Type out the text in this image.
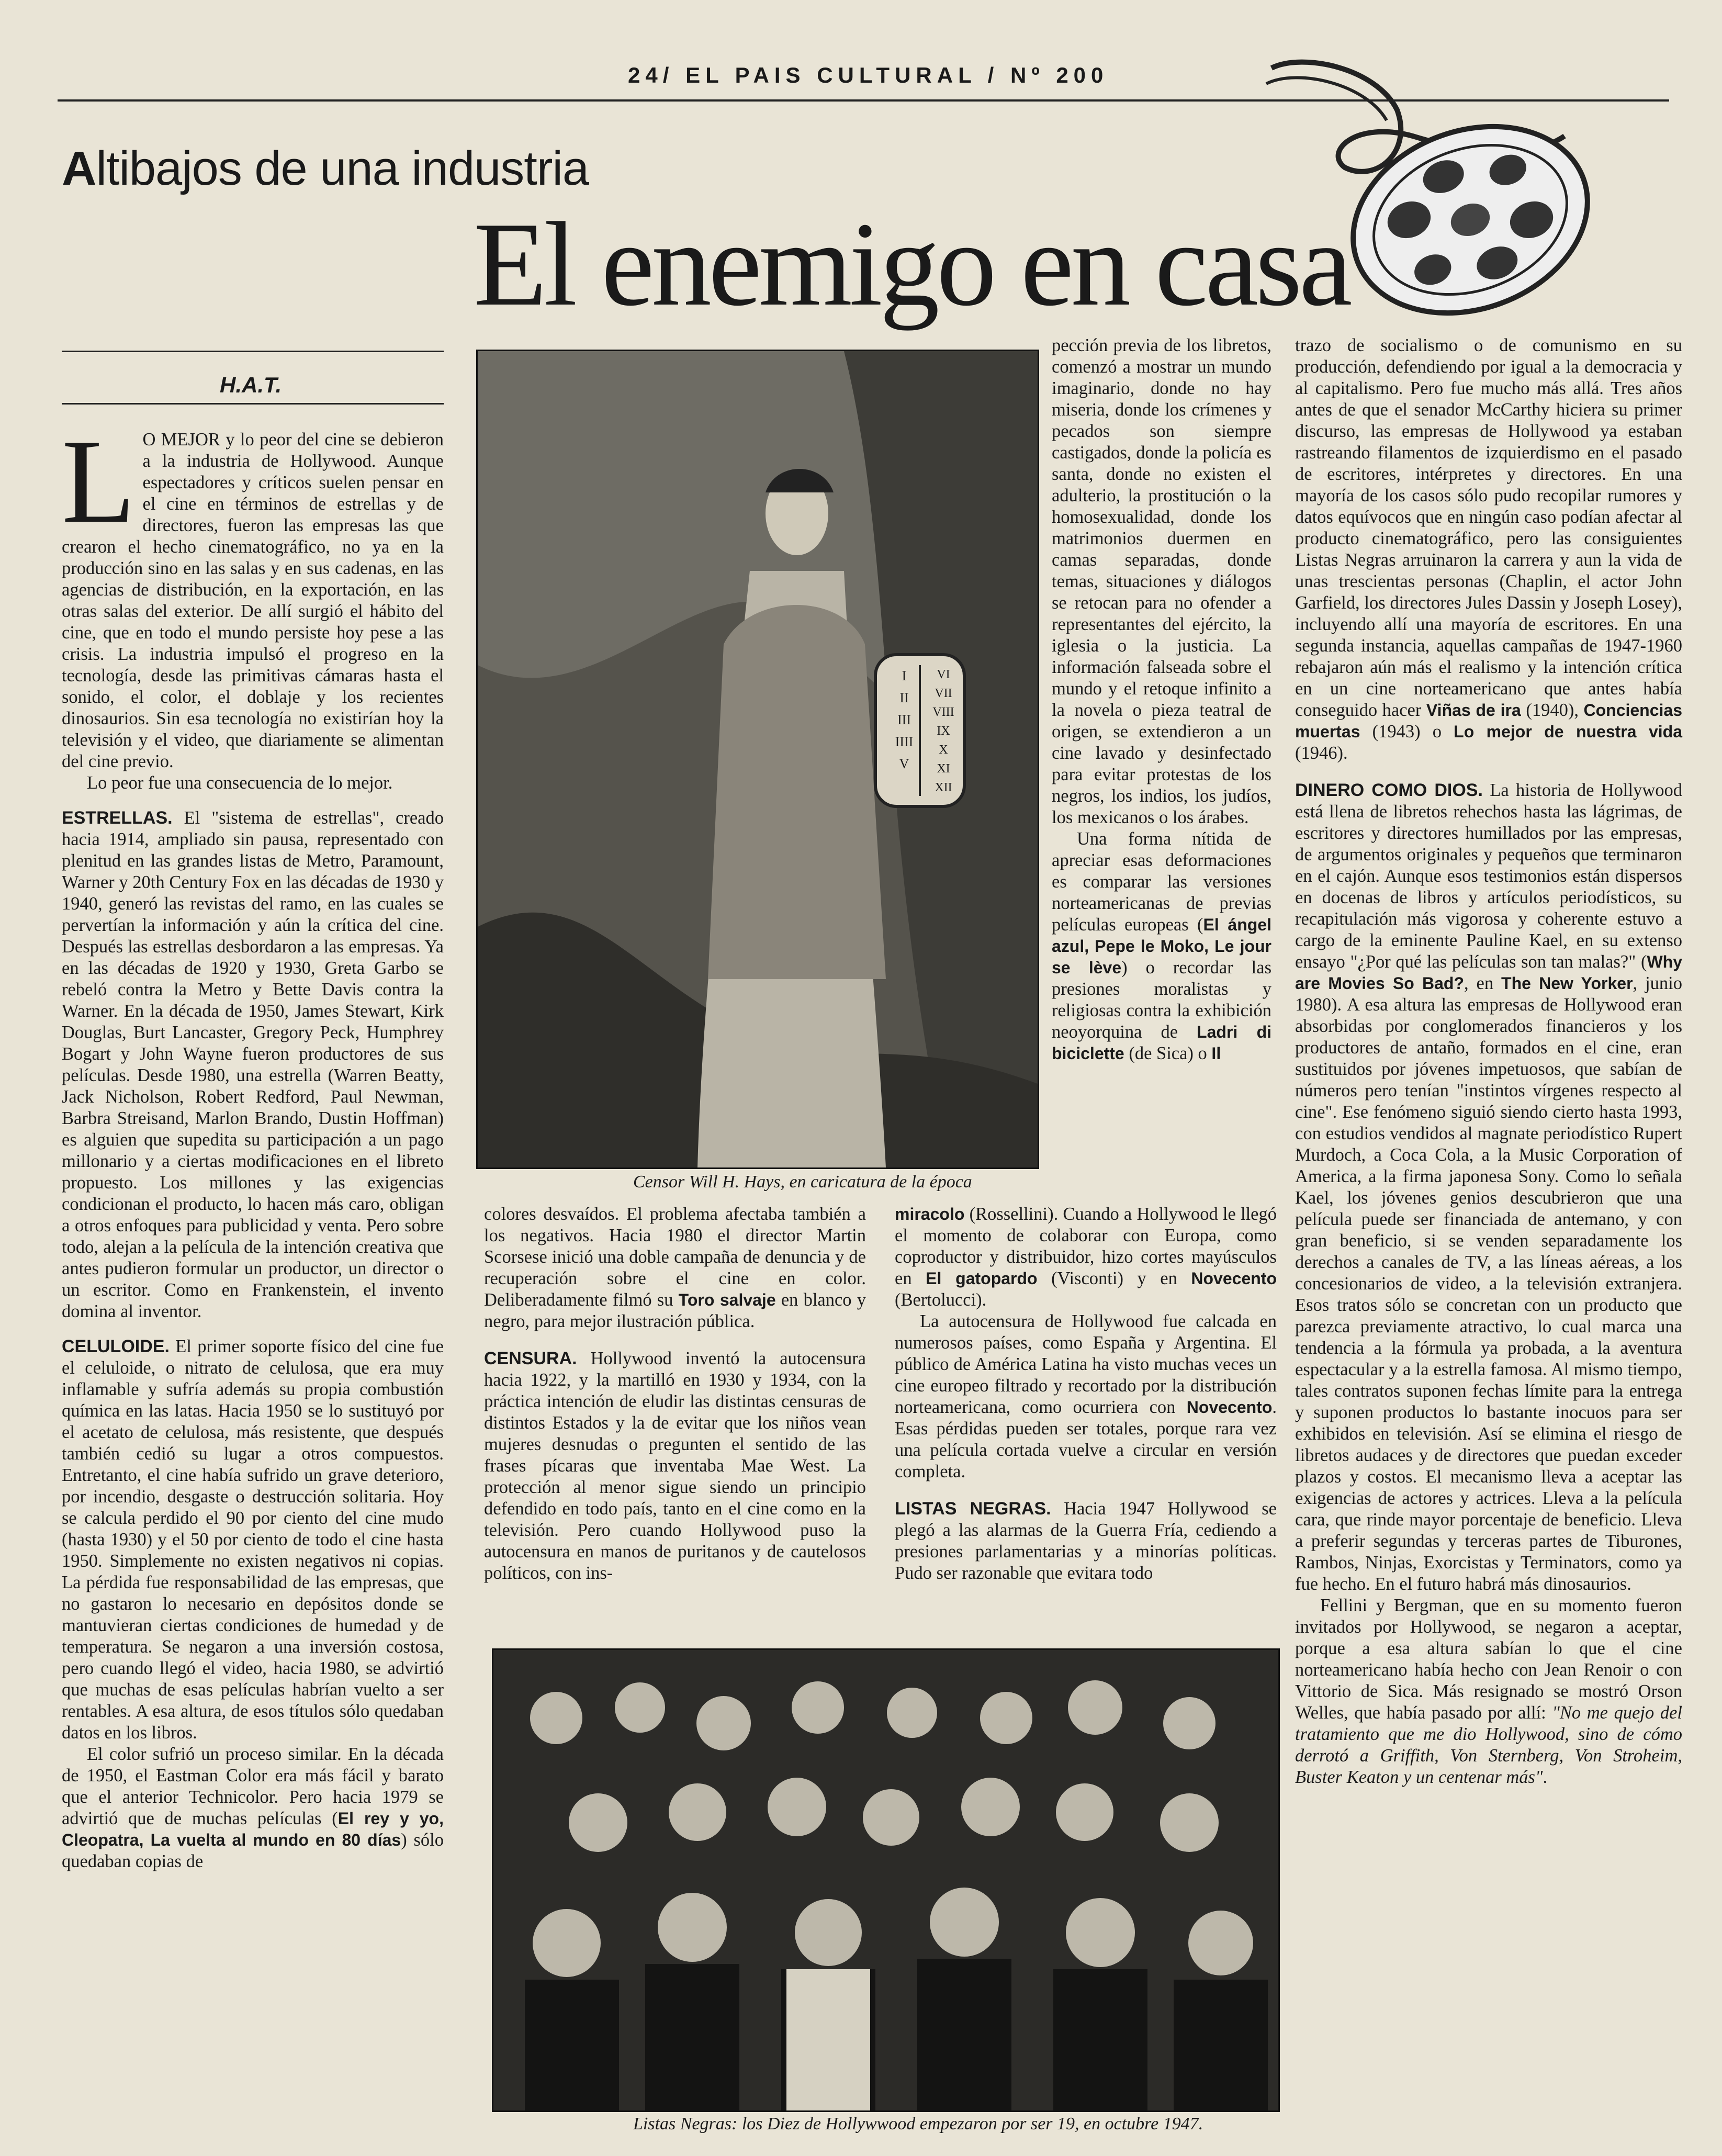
24/ EL PAIS CULTURAL / Nº 200
Altibajos de una industria
El enemigo en casa
H.A.T.

L O MEJOR y lo peor del cine se debieron a la industria de Hollywood. Aunque espectadores y críticos suelen pensar en el cine en términos de estrellas y de directores, fueron las empresas las que crearon el hecho cinematográfico, no ya en la producción sino en las salas y en sus cadenas, en las agencias de distribución, en la exportación, en las otras salas del exterior. De allí surgió el hábito del cine, que en todo el mundo persiste hoy pese a las crisis. La industria impulsó el progreso en la tecnología, desde las primitivas cámaras hasta el sonido, el color, el doblaje y los recientes dinosaurios. Sin esa tecnología no existirían hoy la televisión y el video, que diariamente se alimentan del cine previo.

Lo peor fue una consecuencia de lo mejor.

ESTRELLAS. El "sistema de estrellas", creado hacia 1914, ampliado sin pausa, representado con plenitud en las grandes listas de Metro, Paramount, Warner y 20th Century Fox en las décadas de 1930 y 1940, generó las revistas del ramo, en las cuales se pervertían la información y aún la crítica del cine. Después las estrellas desbordaron a las empresas. Ya en las décadas de 1920 y 1930, Greta Garbo se rebeló contra la Metro y Bette Davis contra la Warner. En la década de 1950, James Stewart, Kirk Douglas, Burt Lancaster, Gregory Peck, Humphrey Bogart y John Wayne fueron productores de sus películas. Desde 1980, una estrella (Warren Beatty, Jack Nicholson, Robert Redford, Paul Newman, Barbra Streisand, Marlon Brando, Dustin Hoffman) es alguien que supedita su participación a un pago millonario y a ciertas modificaciones en el libreto propuesto. Los millones y las exigencias condicionan el producto, lo hacen más caro, obligan a otros enfoques para publicidad y venta. Pero sobre todo, alejan a la película de la intención creativa que antes pudieron formular un productor, un director o un escritor. Como en Frankenstein, el invento domina al inventor.

CELULOIDE. El primer soporte físico del cine fue el celuloide, o nitrato de celulosa, que era muy inflamable y sufría además su propia combustión química en las latas. Hacia 1950 se lo sustituyó por el acetato de celulosa, más resistente, que después también cedió su lugar a otros compuestos. Entretanto, el cine había sufrido un grave deterioro, por incendio, desgaste o destrucción solitaria. Hoy se calcula perdido el 90 por ciento del cine mudo (hasta 1930) y el 50 por ciento de todo el cine hasta 1950. Simplemente no existen negativos ni copias. La pérdida fue responsabilidad de las empresas, que no gastaron lo necesario en depósitos donde se mantuvieran ciertas condiciones de humedad y de temperatura. Se negaron a una inversión costosa, pero cuando llegó el video, hacia 1980, se advirtió que muchas de esas películas habrían vuelto a ser rentables. A esa altura, de esos títulos sólo quedaban datos en los libros.

El color sufrió un proceso similar. En la década de 1950, el Eastman Color era más fácil y barato que el anterior Technicolor. Pero hacia 1979 se advirtió que de muchas películas (El rey y yo, Cleopatra, La vuelta al mundo en 80 días) sólo quedaban copias de

I
II
III
IIII
V
VI
VII
VIII
IX
X
XI
XII
Censor Will H. Hays, en caricatura de la época

colores desvaídos. El problema afectaba también a los negativos. Hacia 1980 el director Martin Scorsese inició una doble campaña de denuncia y de recuperación sobre el cine en color. Deliberadamente filmó su Toro salvaje en blanco y negro, para mejor ilustración pública.

CENSURA. Hollywood inventó la autocensura hacia 1922, y la martilló en 1930 y 1934, con la práctica intención de eludir las distintas censuras de distintos Estados y la de evitar que los niños vean mujeres desnudas o pregunten el sentido de las frases pícaras que inventaba Mae West. La protección al menor sigue siendo un principio defendido en todo país, tanto en el cine como en la televisión. Pero cuando Hollywood puso la autocensura en manos de puritanos y de cautelosos políticos, con ins-

pección previa de los libretos, comenzó a mostrar un mundo imaginario, donde no hay miseria, donde los crímenes y pecados son siempre castigados, donde la policía es santa, donde no existen el adulterio, la prostitución o la homosexualidad, donde los matrimonios duermen en camas separadas, donde temas, situaciones y diálogos se retocan para no ofender a representantes del ejército, la iglesia o la justicia. La información falseada sobre el mundo y el retoque infinito a la novela o pieza teatral de origen, se extendieron a un cine lavado y desinfectado para evitar protestas de los negros, los indios, los judíos, los mexicanos o los árabes.

Una forma nítida de apreciar esas deformaciones es comparar las versiones norteamericanas de previas películas europeas (El ángel azul, Pepe le Moko, Le jour se lève) o recordar las presiones moralistas y religiosas contra la exhibición neoyorquina de Ladri di biciclette (de Sica) o Il

miracolo (Rossellini). Cuando a Hollywood le llegó el momento de colaborar con Europa, como coproductor y distribuidor, hizo cortes mayúsculos en El gatopardo (Visconti) y en Novecento (Bertolucci).

La autocensura de Hollywood fue calcada en numerosos países, como España y Argentina. El público de América Latina ha visto muchas veces un cine europeo filtrado y recortado por la distribución norteamericana, como ocurriera con Novecento. Esas pérdidas pueden ser totales, porque rara vez una película cortada vuelve a circular en versión completa.

LISTAS NEGRAS. Hacia 1947 Hollywood se plegó a las alarmas de la Guerra Fría, cediendo a presiones parlamentarias y a minorías políticas. Pudo ser razonable que evitara todo

Listas Negras: los Diez de Hollywwood empezaron por ser 19, en octubre 1947.

trazo de socialismo o de comunismo en su producción, defendiendo por igual a la democracia y al capitalismo. Pero fue mucho más allá. Tres años antes de que el senador McCarthy hiciera su primer discurso, las empresas de Hollywood ya estaban rastreando filamentos de izquierdismo en el pasado de escritores, intérpretes y directores. En una mayoría de los casos sólo pudo recopilar rumores y datos equívocos que en ningún caso podían afectar al producto cinematográfico, pero las consiguientes Listas Negras arruinaron la carrera y aun la vida de unas trescientas personas (Chaplin, el actor John Garfield, los directores Jules Dassin y Joseph Losey), incluyendo allí una mayoría de escritores. En una segunda instancia, aquellas campañas de 1947-1960 rebajaron aún más el realismo y la intención crítica en un cine norteamericano que antes había conseguido hacer Viñas de ira (1940), Conciencias muertas (1943) o Lo mejor de nuestra vida (1946).

DINERO COMO DIOS. La historia de Hollywood está llena de libretos rehechos hasta las lágrimas, de escritores y directores humillados por las empresas, de argumentos originales y pequeños que terminaron en el cajón. Aunque esos testimonios están dispersos en docenas de libros y artículos periodísticos, su recapitulación más vigorosa y coherente estuvo a cargo de la eminente Pauline Kael, en su extenso ensayo "¿Por qué las películas son tan malas?" (Why are Movies So Bad?, en The New Yorker, junio 1980). A esa altura las empresas de Hollywood eran absorbidas por conglomerados financieros y los productores de antaño, formados en el cine, eran sustituidos por jóvenes impetuosos, que sabían de números pero tenían "instintos vírgenes respecto al cine". Ese fenómeno siguió siendo cierto hasta 1993, con estudios vendidos al magnate periodístico Rupert Murdoch, a Coca Cola, a la Music Corporation of America, a la firma japonesa Sony. Como lo señala Kael, los jóvenes genios descubrieron que una película puede ser financiada de antemano, y con gran beneficio, si se venden separadamente los derechos a canales de TV, a las líneas aéreas, a los concesionarios de video, a la televisión extranjera. Esos tratos sólo se concretan con un producto que parezca previamente atractivo, lo cual marca una tendencia a la fórmula ya probada, a la aventura espectacular y a la estrella famosa. Al mismo tiempo, tales contratos suponen fechas límite para la entrega y suponen productos lo bastante inocuos para ser exhibidos en televisión. Así se elimina el riesgo de libretos audaces y de directores que puedan exceder plazos y costos. El mecanismo lleva a aceptar las exigencias de actores y actrices. Lleva a la película cara, que rinde mayor porcentaje de beneficio. Lleva a preferir segundas y terceras partes de Tiburones, Rambos, Ninjas, Exorcistas y Terminators, como ya fue hecho. En el futuro habrá más dinosaurios.

Fellini y Bergman, que en su momento fueron invitados por Hollywood, se negaron a aceptar, porque a esa altura sabían lo que el cine norteamericano había hecho con Jean Renoir o con Vittorio de Sica. Más resignado se mostró Orson Welles, que había pasado por allí: "No me quejo del tratamiento que me dio Hollywood, sino de cómo derrotó a Griffith, Von Sternberg, Von Stroheim, Buster Keaton y un centenar más".
